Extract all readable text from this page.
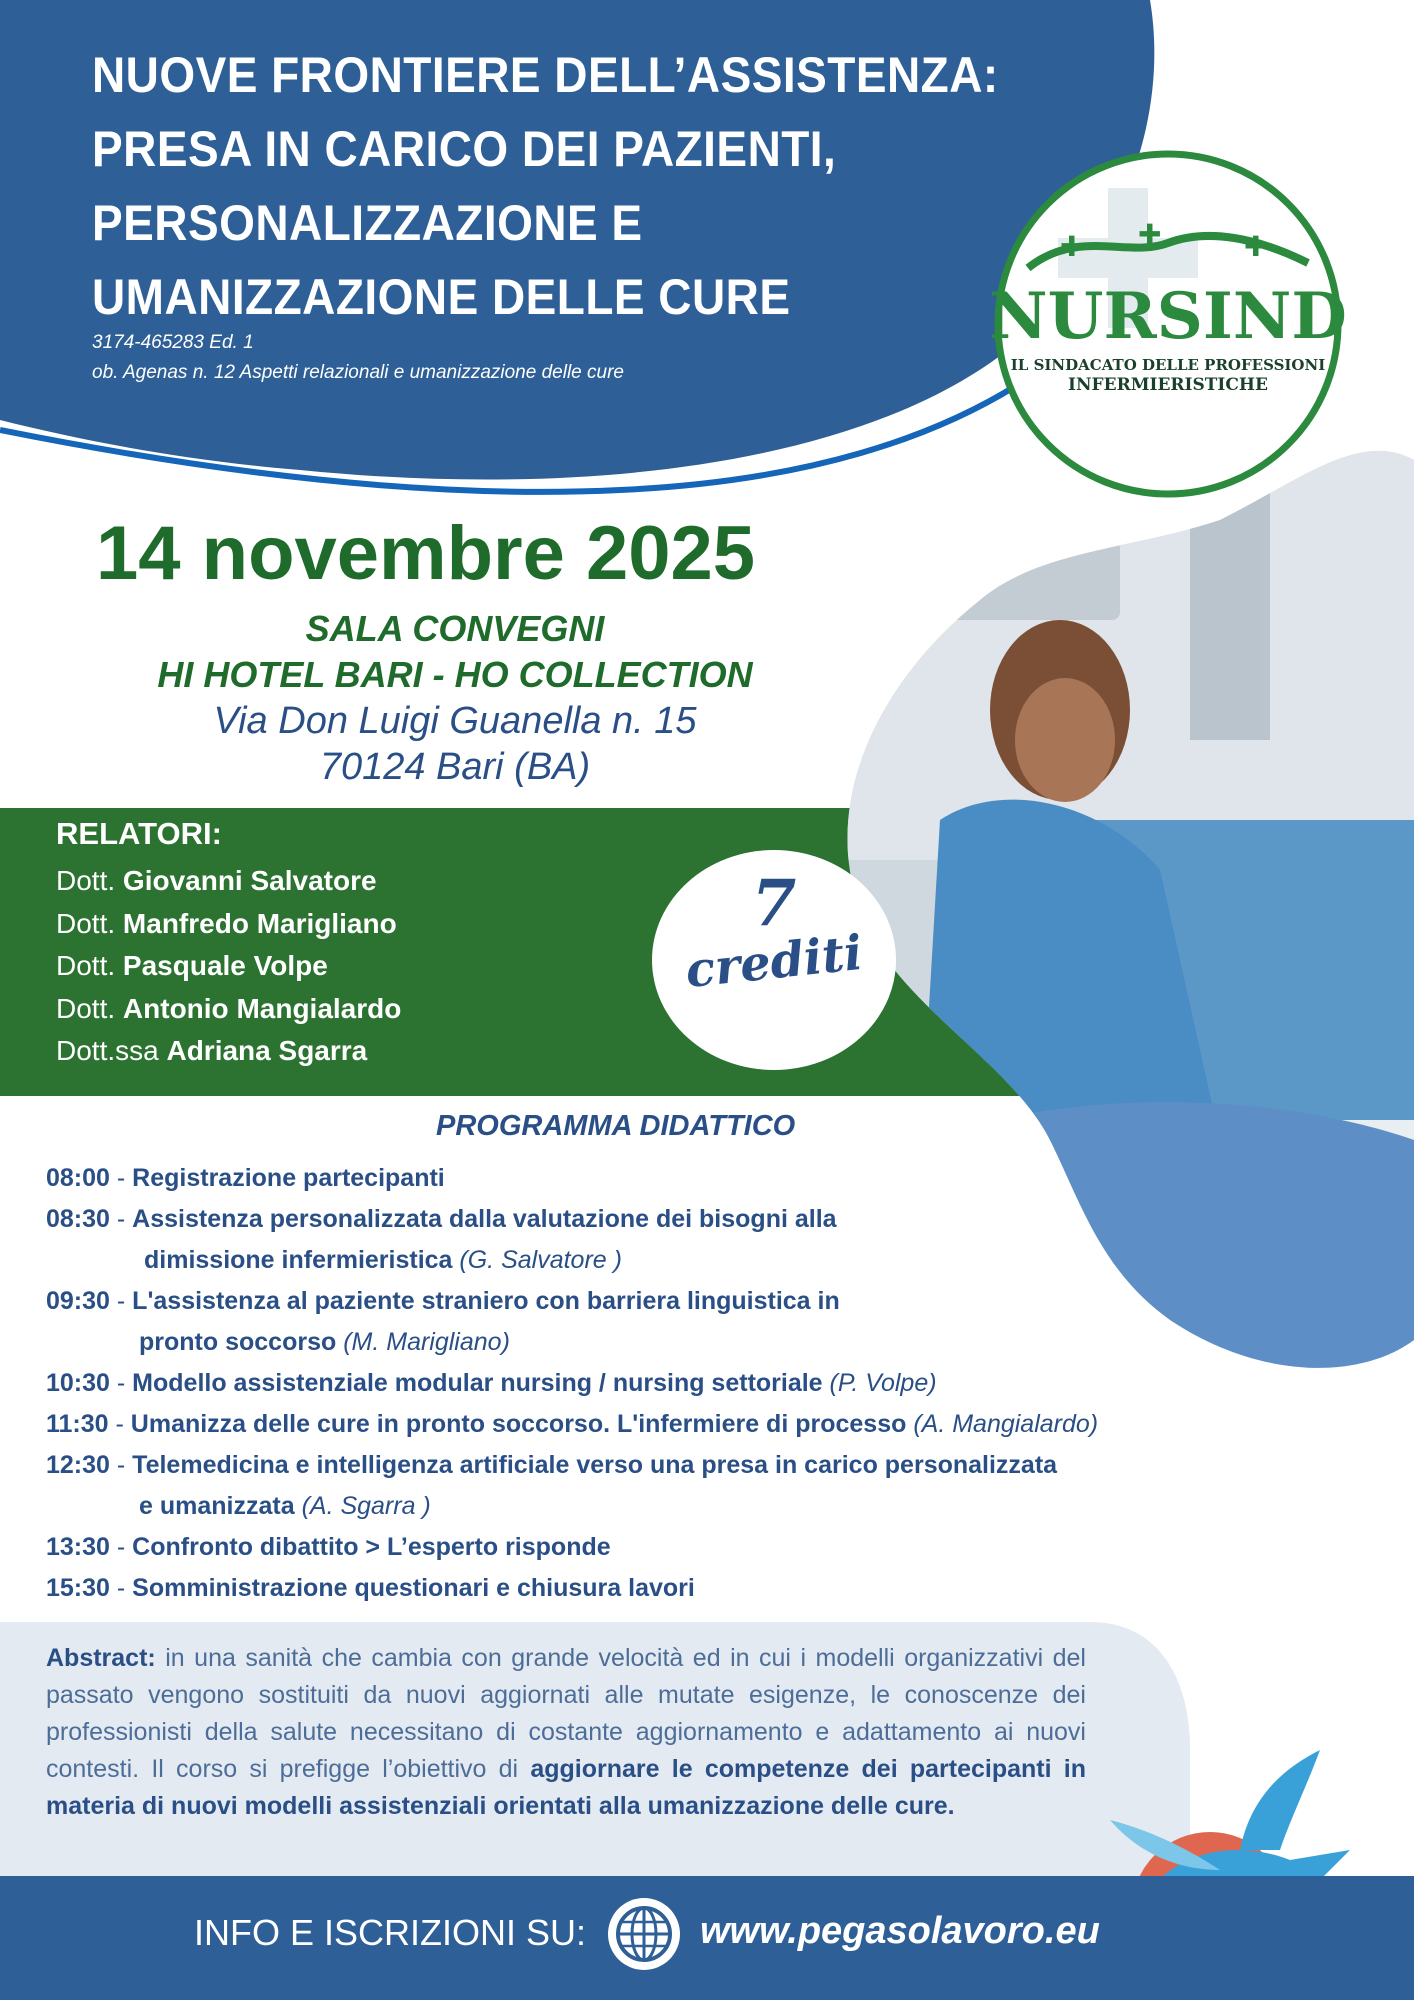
✚ ✚	✚
NURSIND
IL SINDACATO DELLE PROFESSIONI
INFERMIERISTICHE
NUOVE FRONTIERE DELL’ASSISTENZA:
PRESA IN CARICO DEI PAZIENTI,
PERSONALIZZAZIONE E
UMANIZZAZIONE DELLE CURE
3174-465283 Ed. 1
ob. Agenas n. 12 Aspetti relazionali e umanizzazione delle cure
14 novembre 2025
SALA CONVEGNI
HI HOTEL BARI - HO COLLECTION
Via Don Luigi Guanella n. 15
70124 Bari (BA)
RELATORI:
Dott. Giovanni Salvatore
Dott. Manfredo Marigliano
Dott. Pasquale Volpe
Dott. Antonio Mangialardo
Dott.ssa Adriana Sgarra
7
crediti
PROGRAMMA DIDATTICO
08:00 - Registrazione partecipanti
08:30 - Assistenza personalizzata dalla valutazione dei bisogni alla
dimissione infermieristica (G. Salvatore )
09:30 - L'assistenza al paziente straniero con barriera linguistica in
pronto soccorso (M. Marigliano)
10:30 - Modello assistenziale modular nursing / nursing settoriale (P. Volpe)
11:30 - Umanizza delle cure in pronto soccorso. L'infermiere di processo (A. Mangialardo)
12:30 - Telemedicina e intelligenza artificiale verso una presa in carico personalizzata
e umanizzata (A. Sgarra )
13:30 - Confronto dibattito > L’esperto risponde
15:30 - Somministrazione questionari e chiusura lavori
Abstract: in una sanità che cambia con grande velocità ed in cui i modelli organizzativi del passato vengono sostituiti da nuovi aggiornati alle mutate esigenze, le conoscenze dei professionisti della salute necessitano di costante aggiornamento e adattamento ai nuovi contesti. Il corso si prefigge l’obiettivo di aggiornare le competenze dei partecipanti in materia di nuovi modelli assistenziali orientati alla umanizzazione delle cure.
INFO E ISCRIZIONI SU:	www.pegasolavoro.eu
